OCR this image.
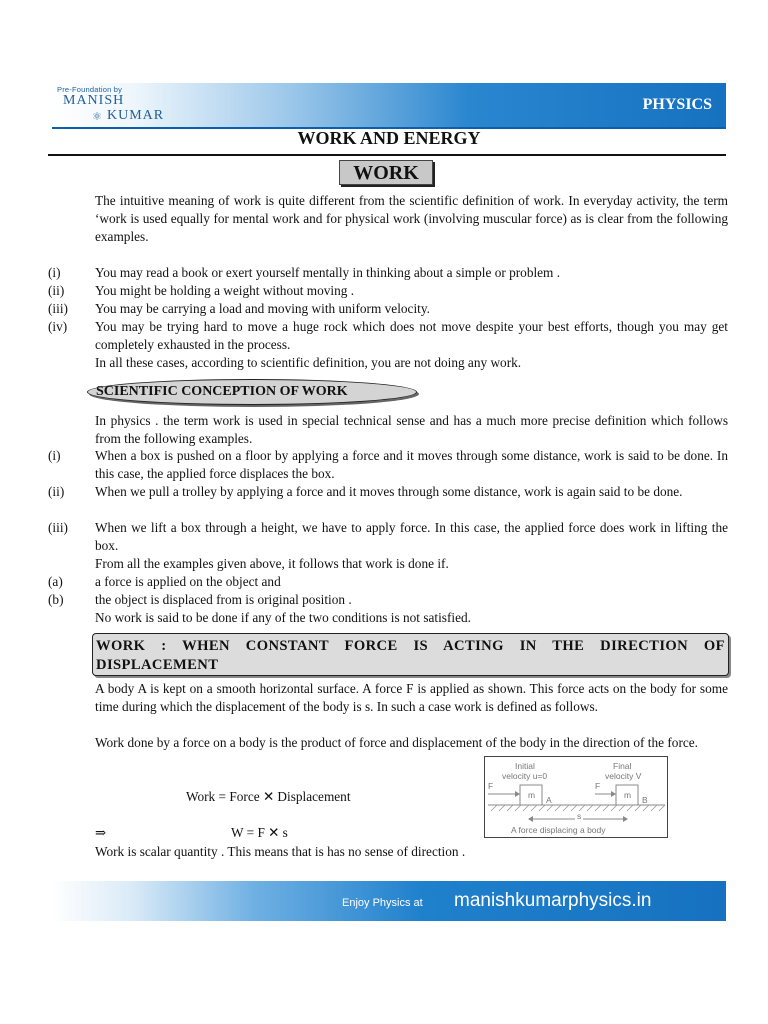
Pre-Foundation by
MANISH
⚛ KUMAR
PHYSICS
WORK AND ENERGY
WORK
The intuitive meaning of work is quite different from the scientific definition of work. In everyday activity, the term ‘work is used equally for mental work and for physical work (involving muscular force) as is clear from the following examples.
(i)	You may read a book or exert yourself mentally in thinking about a simple or problem .
(ii) You might be holding a weight without moving .
(iii) You may be carrying a load and moving with uniform velocity.
(iv) You may be trying hard to move a huge rock which does not move despite your best efforts, though you may get completely exhausted in the process.
In all these cases, according to scientific definition, you are not doing any work.
SCIENTIFIC CONCEPTION OF WORK
In physics . the term work is used in special technical sense and has a much more precise definition which follows from the following examples.
(i)	When a box is pushed on a floor by applying a force and it moves through some distance, work is said to be done. In this case, the applied force displaces the box.
(ii) When we pull a trolley by applying a force and it moves through some distance, work is again said to be done.
(iii) When we lift a box through a height, we have to apply force. In this case, the applied force does work in lifting the box.
From all the examples given above, it follows that work is done if.
(a) a force is applied on the object and
(b) the object is displaced from is original position .
No work is said to be done if any of the two conditions is not satisfied.
WORK : WHEN CONSTANT FORCE IS ACTING IN THE DIRECTION OF DISPLACEMENT
A body A is kept on a smooth horizontal surface. A force F is applied as shown. This force acts on the body for some time during which the displacement of the body is s. In such a case work is defined as follows.
Work done by a force on a body is the product of force and displacement of the body in the direction of the force.
Work = Force ✕ Displacement
⇒	W = F ✕ s
Work is scalar quantity . This means that is has no sense of direction .
Initial
velocity u=0
Final
velocity V
F	F
m A	m B
s
A force displacing a body
Enjoy Physics at manishkumarphysics.in
